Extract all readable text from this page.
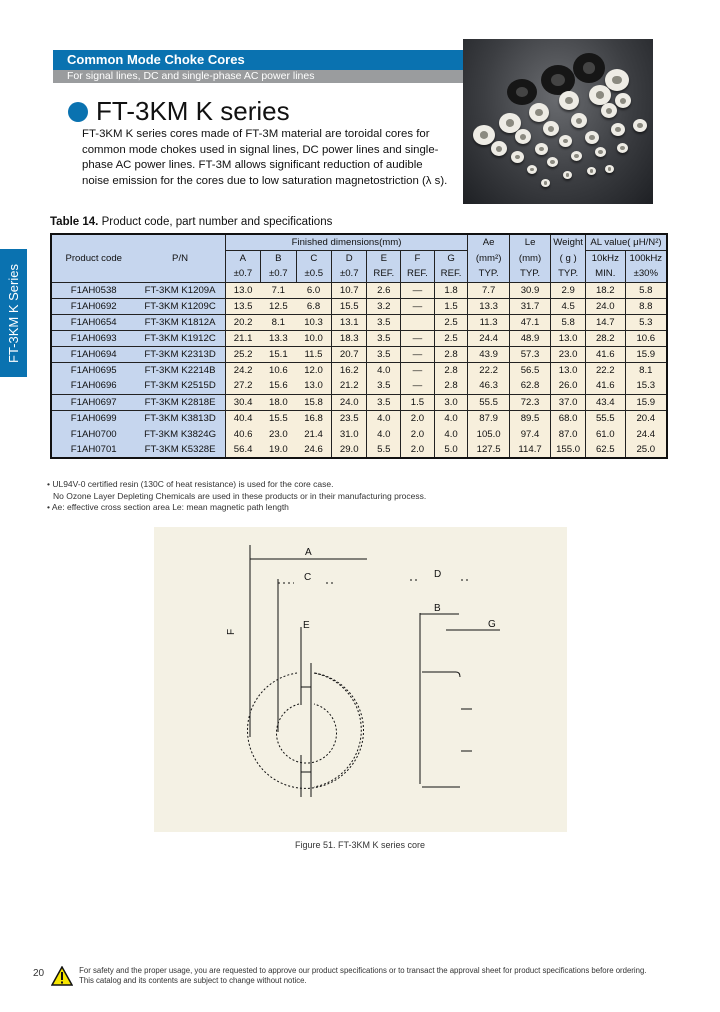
Common Mode Choke Cores
For signal lines, DC and single-phase AC power lines
FT-3KM K series

FT-3KM K series cores made of FT-3M material are toroidal cores for common mode chokes used in signal lines, DC power lines and single-phase AC power lines. FT-3M allows significant reduction of audible noise emission for the cores due to low saturation magnetostriction (λ s).

FT-3KM K Series
Table 14. Product code, part number and specifications
Product code	P/N	Finished dimensions(mm)							Ae	Le	Weight	AL value( μH/N²)	
		A	B	C	D	E	F	G	(mm²)	(mm)	( g )	10kHz	100kHz
		±0.7	±0.7	±0.5	±0.7	REF.	REF.	REF.	TYP.	TYP.	TYP.	MIN.	±30%
F1AH0538	FT-3KM K1209A	13.0	7.1	6.0	10.7	2.6	—	1.8	7.7	30.9	2.9	18.2	5.8
F1AH0692	FT-3KM K1209C	13.5	12.5	6.8	15.5	3.2	—	1.5	13.3	31.7	4.5	24.0	8.8
F1AH0654	FT-3KM K1812A	20.2	8.1	10.3	13.1	3.5		2.5	11.3	47.1	5.8	14.7	5.3
F1AH0693	FT-3KM K1912C	21.1	13.3	10.0	18.3	3.5	—	2.5	24.4	48.9	13.0	28.2	10.6
F1AH0694	FT-3KM K2313D	25.2	15.1	11.5	20.7	3.5	—	2.8	43.9	57.3	23.0	41.6	15.9
F1AH0695	FT-3KM K2214B	24.2	10.6	12.0	16.2	4.0	—	2.8	22.2	56.5	13.0	22.2	8.1
F1AH0696	FT-3KM K2515D	27.2	15.6	13.0	21.2	3.5	—	2.8	46.3	62.8	26.0	41.6	15.3
F1AH0697	FT-3KM K2818E	30.4	18.0	15.8	24.0	3.5	1.5	3.0	55.5	72.3	37.0	43.4	15.9
F1AH0699	FT-3KM K3813D	40.4	15.5	16.8	23.5	4.0	2.0	4.0	87.9	89.5	68.0	55.5	20.4
F1AH0700	FT-3KM K3824G	40.6	23.0	21.4	31.0	4.0	2.0	4.0	105.0	97.4	87.0	61.0	24.4
F1AH0701	FT-3KM K5328E	56.4	19.0	24.6	29.0	5.5	2.0	5.0	127.5	114.7	155.0	62.5	25.0
• UL94V-0 certified resin (130C of heat resistance) is used for the core case.
No Ozone Layer Depleting Chemicals are used in these products or in their manufacturing process.
• Ae: effective cross section area Le: mean magnetic path length
A
C
E
F
D
B
G
Figure 51. FT-3KM K series core
20	For safety and the proper usage, you are requested to approve our product specifications or to transact the approval sheet for product specifications before ordering.
This catalog and its contents are subject to change without notice.
